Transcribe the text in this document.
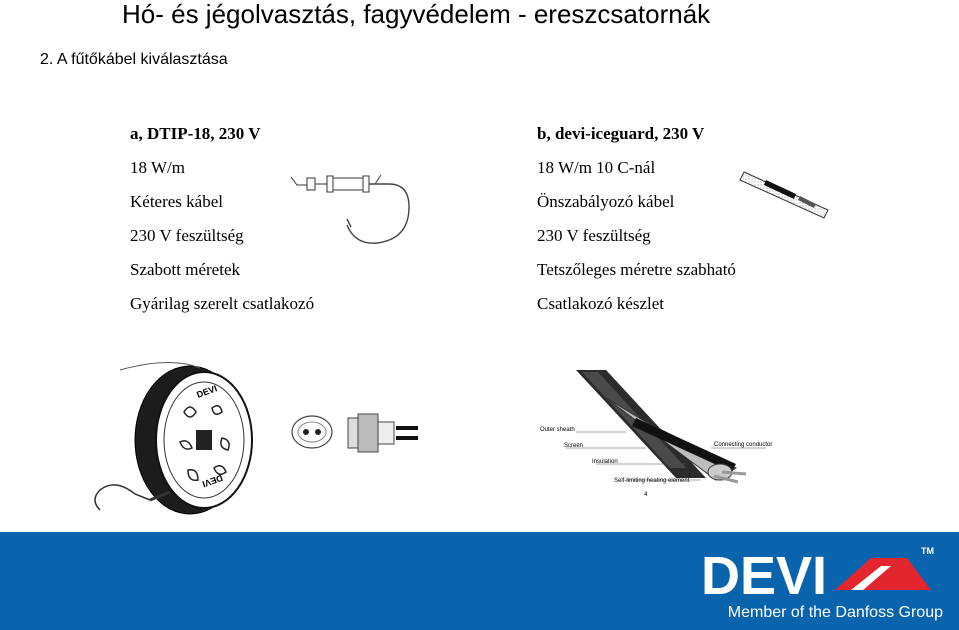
Hó- és jégolvasztás, fagyvédelem - ereszcsatornák
2. A fűtőkábel kiválasztása
a, DTIP-18, 230 V
18 W/m
Kéteres kábel
230 V feszültség
Szabott méretek
Gyárilag szerelt csatlakozó
b, devi-iceguard, 230 V
18 W/m 10 C-nál
Önszabályozó kábel
230 V feszültség
Tetszőleges méretre szabható
Csatlakozó készlet
DEVI
DEVI
Outer sheath
Screen
Insulation
Self-limiting heating element
Connecting conductor
4
DEVI	TM
Member of the Danfoss Group
